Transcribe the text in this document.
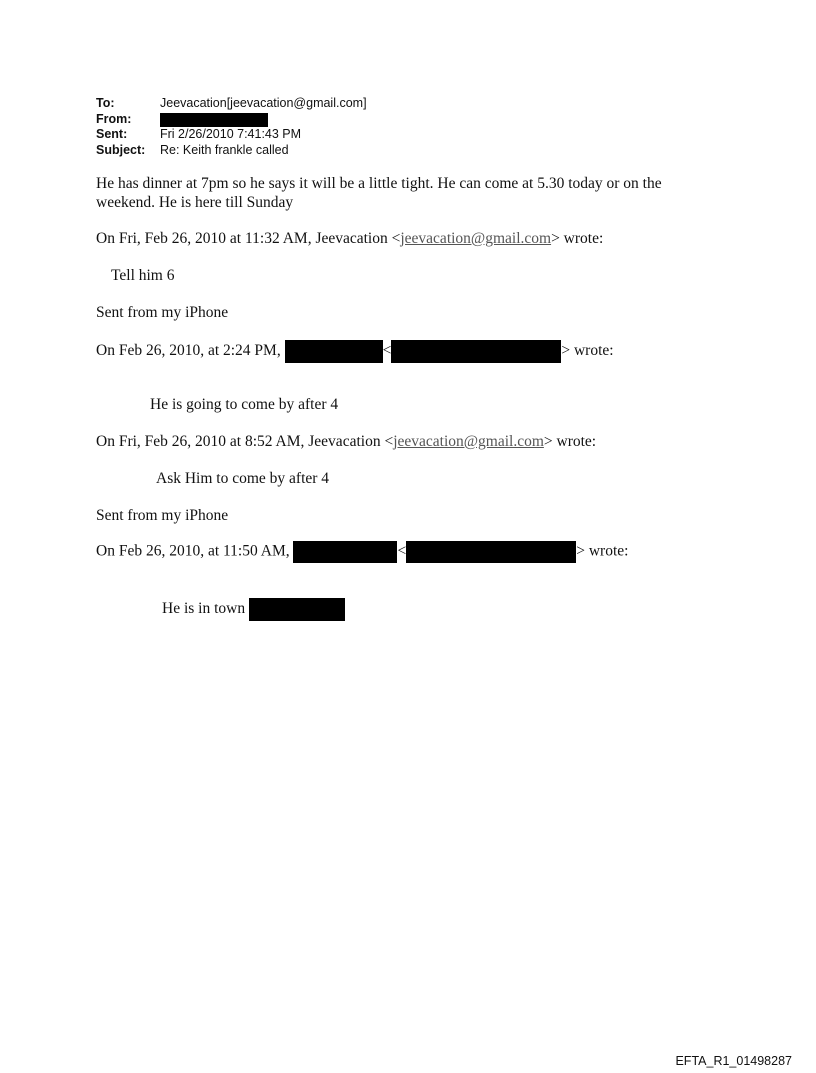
To:	Jeevacation[jeevacation@gmail.com]
From:
Sent:	Fri 2/26/2010 7:41:43 PM
Subject:	Re: Keith frankle called
He has dinner at 7pm so he says it will be a little tight. He can come at 5.30 today or on the weekend. He is here till Sunday
On Fri, Feb 26, 2010 at 11:32 AM, Jeevacation <jeevacation@gmail.com> wrote:
Tell him 6
Sent from my iPhone
On Feb 26, 2010, at 2:24 PM,	<	> wrote:
He is going to come by after 4
On Fri, Feb 26, 2010 at 8:52 AM, Jeevacation <jeevacation@gmail.com> wrote:
Ask Him to come by after 4
Sent from my iPhone
On Feb 26, 2010, at 11:50 AM,	<	> wrote:
He is in town
EFTA_R1_01498287
